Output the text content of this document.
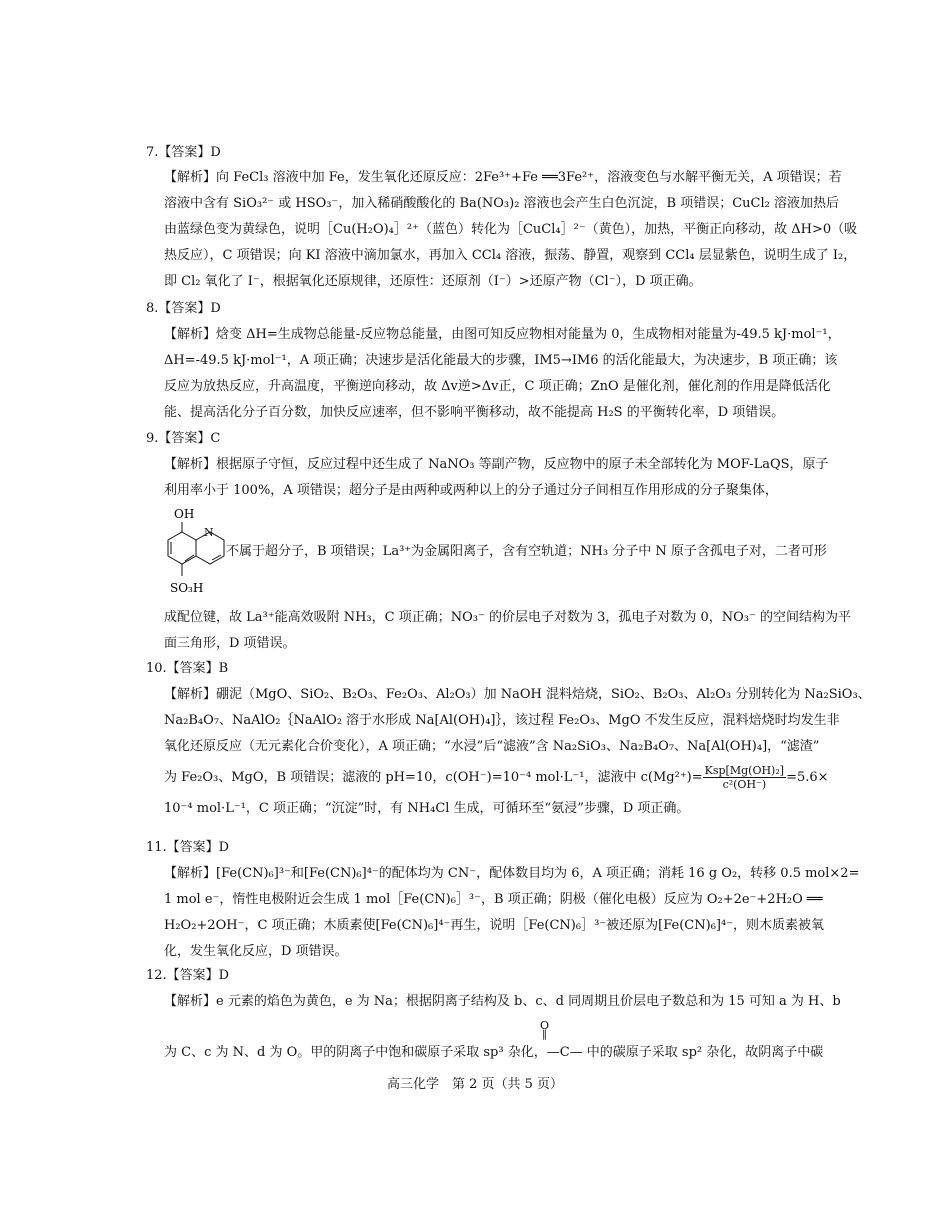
7.【答案】D
【解析】向 FeCl₃ 溶液中加 Fe，发生氧化还原反应：2Fe³⁺+Fe ══3Fe²⁺，溶液变色与水解平衡无关，A 项错误；若
溶液中含有 SiO₃²⁻ 或 HSO₃⁻，加入稀硝酸酸化的 Ba(NO₃)₂ 溶液也会产生白色沉淀，B 项错误；CuCl₂ 溶液加热后
由蓝绿色变为黄绿色，说明［Cu(H₂O)₄］²⁺（蓝色）转化为［CuCl₄］²⁻（黄色），加热，平衡正向移动，故 ΔH>0（吸
热反应），C 项错误；向 KI 溶液中滴加氯水，再加入 CCl₄ 溶液，振荡、静置，观察到 CCl₄ 层显紫色，说明生成了 I₂，
即 Cl₂ 氧化了 I⁻，根据氧化还原规律，还原性：还原剂（I⁻）>还原产物（Cl⁻），D 项正确。
8.【答案】D
【解析】焓变 ΔH=生成物总能量-反应物总能量，由图可知反应物相对能量为 0，生成物相对能量为-49.5 kJ·mol⁻¹，
ΔH=-49.5 kJ·mol⁻¹，A 项正确；决速步是活化能最大的步骤，IM5→IM6 的活化能最大，为决速步，B 项正确；该
反应为放热反应，升高温度，平衡逆向移动，故 Δv逆>Δv正，C 项正确；ZnO 是催化剂，催化剂的作用是降低活化
能、提高活化分子百分数，加快反应速率，但不影响平衡移动，故不能提高 H₂S 的平衡转化率，D 项错误。
9.【答案】C
【解析】根据原子守恒，反应过程中还生成了 NaNO₃ 等副产物，反应物中的原子未全部转化为 MOF-LaQS，原子
利用率小于 100%，A 项错误；超分子是由两种或两种以上的分子通过分子间相互作用形成的分子聚集体，
OH
N
SO₃H
不属于超分子，B 项错误；La³⁺为金属阳离子，含有空轨道；NH₃ 分子中 N 原子含孤电子对，二者可形
成配位键，故 La³⁺能高效吸附 NH₃，C 项正确；NO₃⁻ 的价层电子对数为 3，孤电子对数为 0，NO₃⁻ 的空间结构为平
面三角形，D 项错误。
10.【答案】B
【解析】硼泥（MgO、SiO₂、B₂O₃、Fe₂O₃、Al₂O₃）加 NaOH 混料焙烧，SiO₂、B₂O₃、Al₂O₃ 分别转化为 Na₂SiO₃、
Na₂B₄O₇、NaAlO₂｛NaAlO₂ 溶于水形成 Na[Al(OH)₄]｝，该过程 Fe₂O₃、MgO 不发生反应，混料焙烧时均发生非
氧化还原反应（无元素化合价变化），A 项正确；“水浸”后“滤液”含 Na₂SiO₃、Na₂B₄O₇、Na[Al(OH)₄]，“滤渣”
为 Fe₂O₃、MgO，B 项错误；滤液的 pH=10，c(OH⁻)=10⁻⁴ mol·L⁻¹，滤液中 $c(Mg^{2+})= \frac{\text{Ksp[Mg(OH)₂]}}{\text{c²(OH⁻)}}=5.6\times$
10⁻⁴ mol·L⁻¹，C 项正确；“沉淀”时，有 NH₄Cl 生成，可循环至“氨浸”步骤，D 项正确。
11.【答案】D
【解析】[Fe(CN)₆]³⁻和[Fe(CN)₆]⁴⁻的配体均为 CN⁻，配体数目均为 6，A 项正确；消耗 16 g O₂，转移 0.5 mol×2=
1 mol e⁻，惰性电极附近会生成 1 mol［Fe(CN)₆］³⁻，B 项正确；阴极（催化电极）反应为 O₂+2e⁻+2H₂O ══
H₂O₂+2OH⁻，C 项正确；木质素使[Fe(CN)₆]⁴⁻再生，说明［Fe(CN)₆］³⁻被还原为[Fe(CN)₆]⁴⁻，则木质素被氧
化，发生氧化反应，D 项错误。
12.【答案】D
【解析】e 元素的焰色为黄色，e 为 Na；根据阴离子结构及 b、c、d 同周期且价层电子数总和为 15 可知 a 为 H、b
O
‖
为 C、c 为 N、d 为 O。甲的阴离子中饱和碳原子采取 sp³ 杂化，—C— 中的碳原子采取 sp² 杂化，故阴离子中碳
高三化学　第 2 页（共 5 页）
